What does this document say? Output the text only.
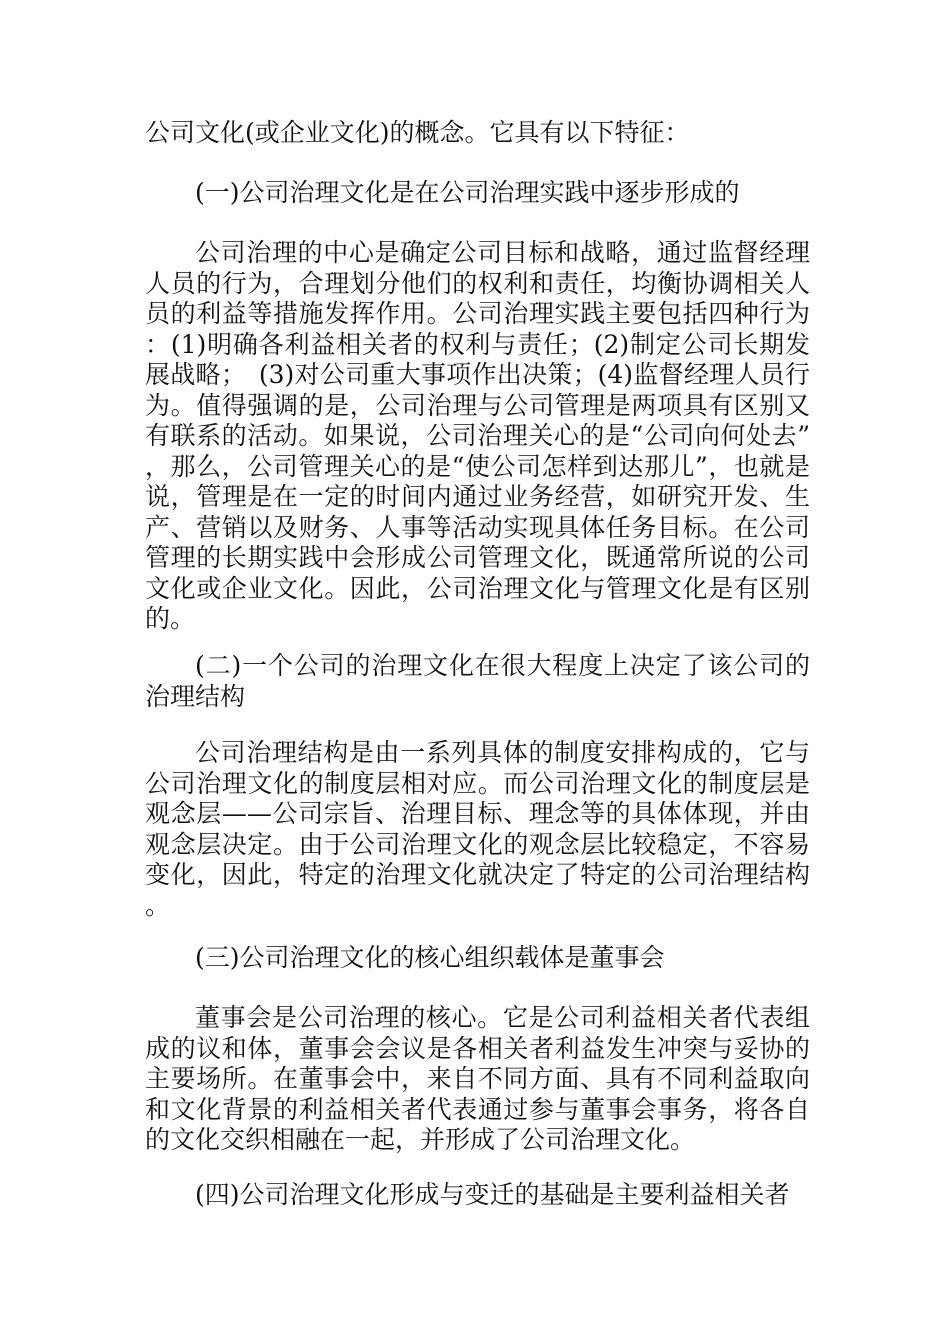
公司文化(或企业文化)的概念。它具有以下特征：

(一)公司治理文化是在公司治理实践中逐步形成的

公司治理的中心是确定公司目标和战略，通过监督经理人员的行为，合理划分他们的权利和责任，均衡协调相关人员的利益等措施发挥作用。公司治理实践主要包括四种行为：(1)明确各利益相关者的权利与责任；(2)制定公司长期发展战略；　(3)对公司重大事项作出决策；(4)监督经理人员行为。值得强调的是，公司治理与公司管理是两项具有区别又有联系的活动。如果说，公司治理关心的是“公司向何处去”，那么，公司管理关心的是“使公司怎样到达那儿”，也就是说，管理是在一定的时间内通过业务经营，如研究开发、生产、营销以及财务、人事等活动实现具体任务目标。在公司管理的长期实践中会形成公司管理文化，既通常所说的公司文化或企业文化。因此，公司治理文化与管理文化是有区别的。

(二)一个公司的治理文化在很大程度上决定了该公司的治理结构

公司治理结构是由一系列具体的制度安排构成的，它与公司治理文化的制度层相对应。而公司治理文化的制度层是观念层——公司宗旨、治理目标、理念等的具体体现，并由观念层决定。由于公司治理文化的观念层比较稳定，不容易变化，因此，特定的治理文化就决定了特定的公司治理结构。

(三)公司治理文化的核心组织载体是董事会

董事会是公司治理的核心。它是公司利益相关者代表组成的议和体，董事会会议是各相关者利益发生冲突与妥协的主要场所。在董事会中，来自不同方面、具有不同利益取向和文化背景的利益相关者代表通过参与董事会事务，将各自的文化交织相融在一起，并形成了公司治理文化。

(四)公司治理文化形成与变迁的基础是主要利益相关者
